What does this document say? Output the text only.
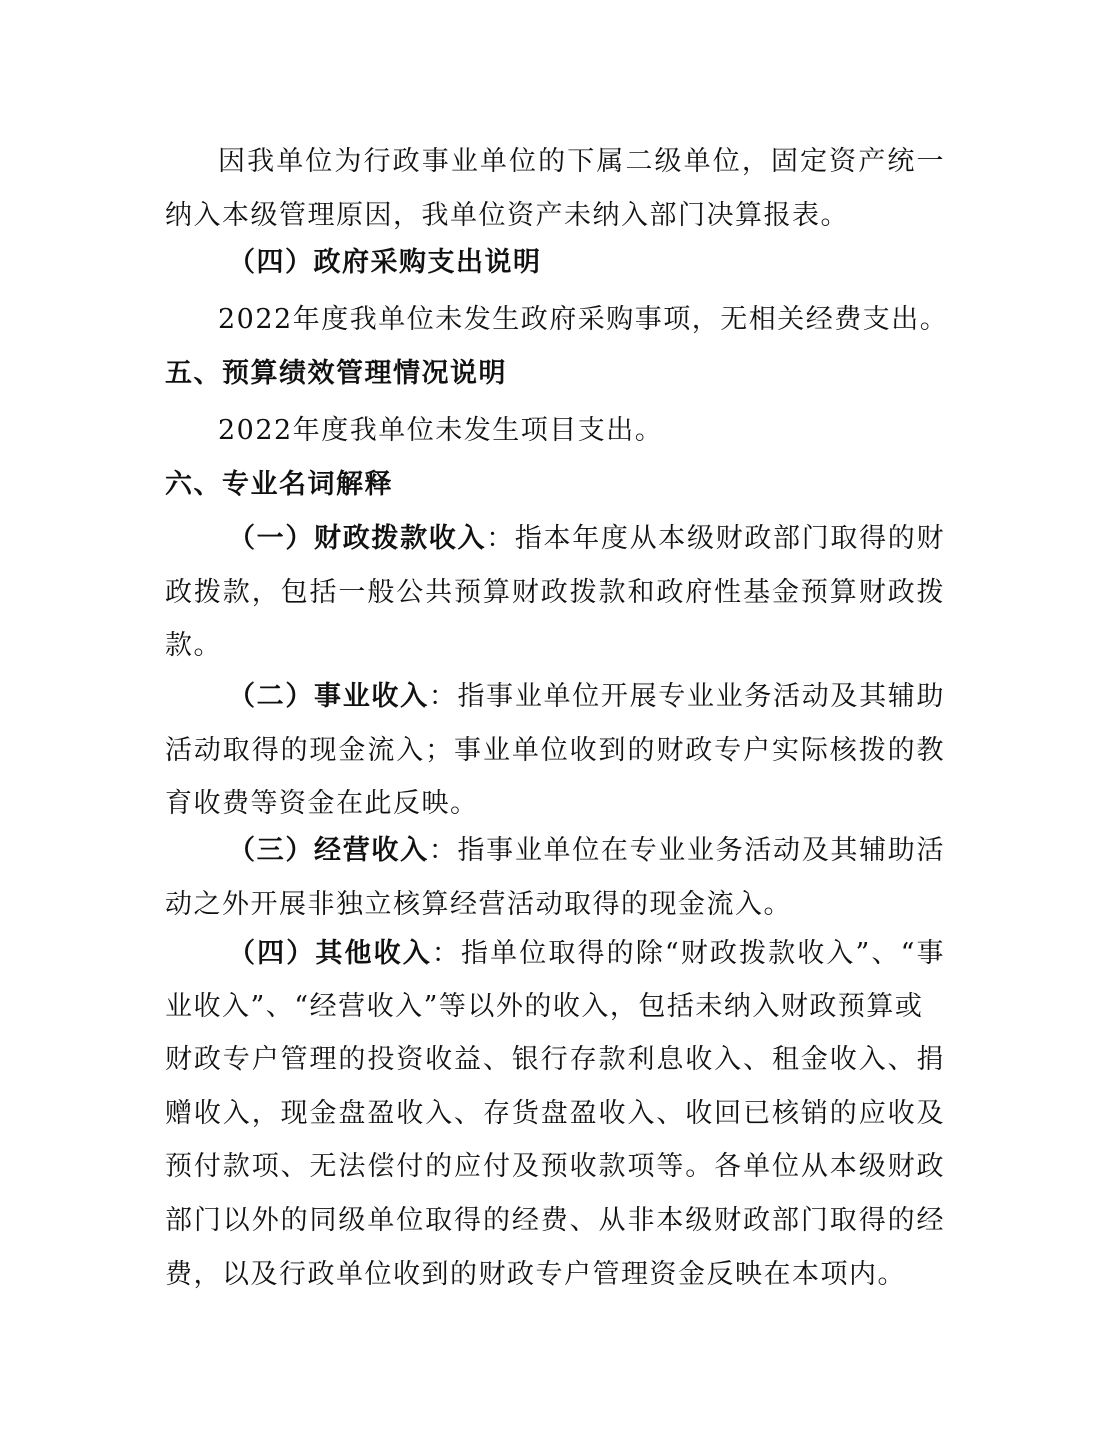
因我单位为行政事业单位的下属二级单位，固定资产统一
纳入本级管理原因，我单位资产未纳入部门决算报表。
（四）政府采购支出说明
2022年度我单位未发生政府采购事项，无相关经费支出。
五、预算绩效管理情况说明
2022年度我单位未发生项目支出。
六、专业名词解释
（一）财政拨款收入：指本年度从本级财政部门取得的财
政拨款，包括一般公共预算财政拨款和政府性基金预算财政拨
款。
（二）事业收入：指事业单位开展专业业务活动及其辅助
活动取得的现金流入；事业单位收到的财政专户实际核拨的教
育收费等资金在此反映。
（三）经营收入：指事业单位在专业业务活动及其辅助活
动之外开展非独立核算经营活动取得的现金流入。
（四）其他收入：指单位取得的除“财政拨款收入”、“事
业收入”、“经营收入”等以外的收入，包括未纳入财政预算或
财政专户管理的投资收益、银行存款利息收入、租金收入、捐
赠收入，现金盘盈收入、存货盘盈收入、收回已核销的应收及
预付款项、无法偿付的应付及预收款项等。各单位从本级财政
部门以外的同级单位取得的经费、从非本级财政部门取得的经
费，以及行政单位收到的财政专户管理资金反映在本项内。
